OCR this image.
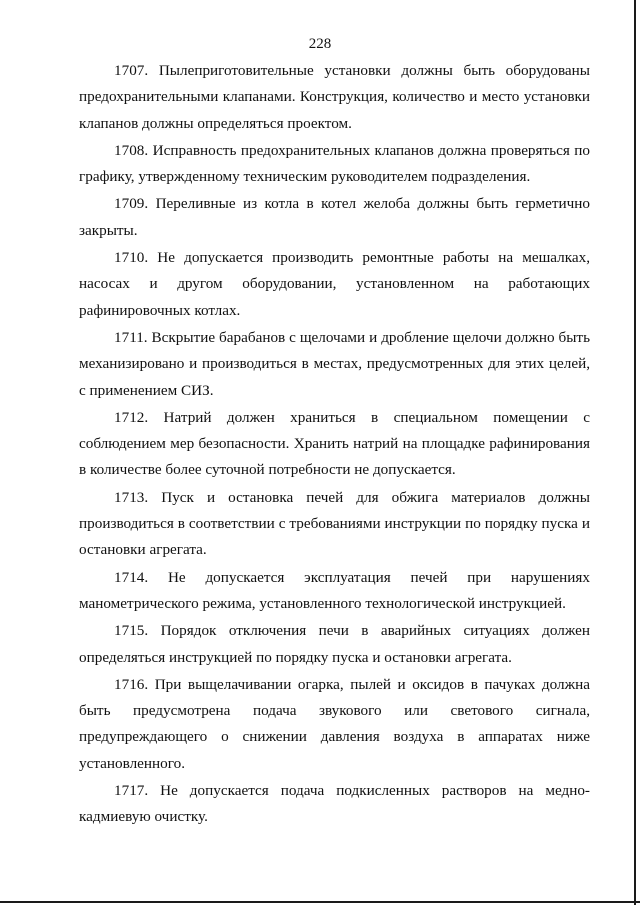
228

1707. Пылеприготовительные установки должны быть оборудованы предохранительными клапанами. Конструкция, количество и место установки клапанов должны определяться проектом.

1708. Исправность предохранительных клапанов должна проверяться по графику, утвержденному техническим руководителем подразделения.

1709. Переливные из котла в котел желоба должны быть герметично закрыты.

1710. Не допускается производить ремонтные работы на мешалках, насосах и другом оборудовании, установленном на работающих рафинировочных котлах.

1711. Вскрытие барабанов с щелочами и дробление щелочи должно быть механизировано и производиться в местах, предусмотренных для этих целей, с применением СИЗ.

1712. Натрий должен храниться в специальном помещении с соблюдением мер безопасности. Хранить натрий на площадке рафинирования в количестве более суточной потребности не допускается.

1713. Пуск и остановка печей для обжига материалов должны производиться в соответствии с требованиями инструкции по порядку пуска и остановки агрегата.

1714. Не допускается эксплуатация печей при нарушениях манометрического режима, установленного технологической инструкцией.

1715. Порядок отключения печи в аварийных ситуациях должен определяться инструкцией по порядку пуска и остановки агрегата.

1716. При выщелачивании огарка, пылей и оксидов в пачуках должна быть предусмотрена подача звукового или светового сигнала, предупреждающего о снижении давления воздуха в аппаратах ниже установленного.

1717. Не допускается подача подкисленных растворов на медно-кадмиевую очистку.
